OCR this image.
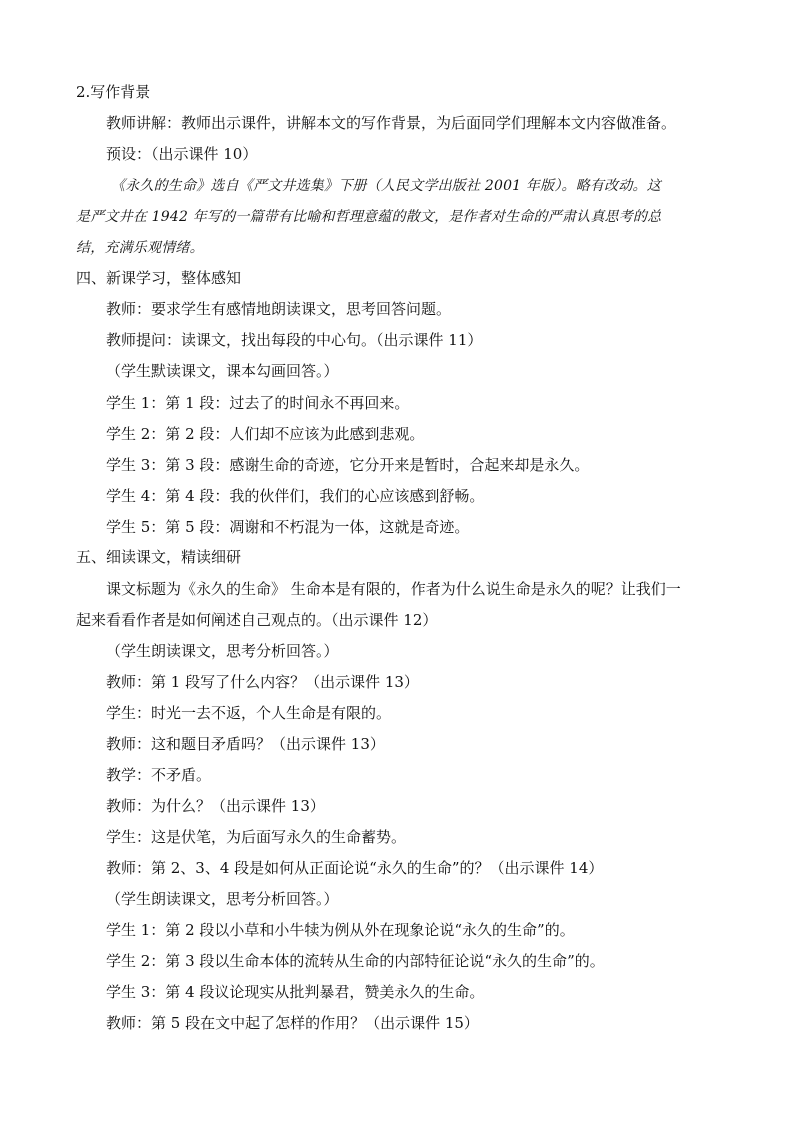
2.写作背景
教师讲解：教师出示课件，讲解本文的写作背景，为后面同学们理解本文内容做准备。
预设：（出示课件 10）
《永久的生命》选自《严文井选集》下册（人民文学出版社 2001 年版）。略有改动。这
是严文井在 1942 年写的一篇带有比喻和哲理意蕴的散文，是作者对生命的严肃认真思考的总
结，充满乐观情绪。
四、新课学习，整体感知
教师：要求学生有感情地朗读课文，思考回答问题。
教师提问：读课文，找出每段的中心句。（出示课件 11）
（学生默读课文，课本勾画回答。）
学生 1：第 1 段：过去了的时间永不再回来。
学生 2：第 2 段：人们却不应该为此感到悲观。
学生 3：第 3 段：感谢生命的奇迹，它分开来是暂时，合起来却是永久。
学生 4：第 4 段：我的伙伴们，我们的心应该感到舒畅。
学生 5：第 5 段：凋谢和不朽混为一体，这就是奇迹。
五、细读课文，精读细研
课文标题为《永久的生命》 生命本是有限的，作者为什么说生命是永久的呢？让我们一
起来看看作者是如何阐述自己观点的。（出示课件 12）
（学生朗读课文，思考分析回答。）
教师：第 1 段写了什么内容？（出示课件 13）
学生：时光一去不返，个人生命是有限的。
教师：这和题目矛盾吗？（出示课件 13）
教学：不矛盾。
教师：为什么？（出示课件 13）
学生：这是伏笔，为后面写永久的生命蓄势。
教师：第 2、3、4 段是如何从正面论说“永久的生命”的？（出示课件 14）
（学生朗读课文，思考分析回答。）
学生 1：第 2 段以小草和小牛犊为例从外在现象论说“永久的生命”的。
学生 2：第 3 段以生命本体的流转从生命的内部特征论说“永久的生命”的。
学生 3：第 4 段议论现实从批判暴君，赞美永久的生命。
教师：第 5 段在文中起了怎样的作用？（出示课件 15）
